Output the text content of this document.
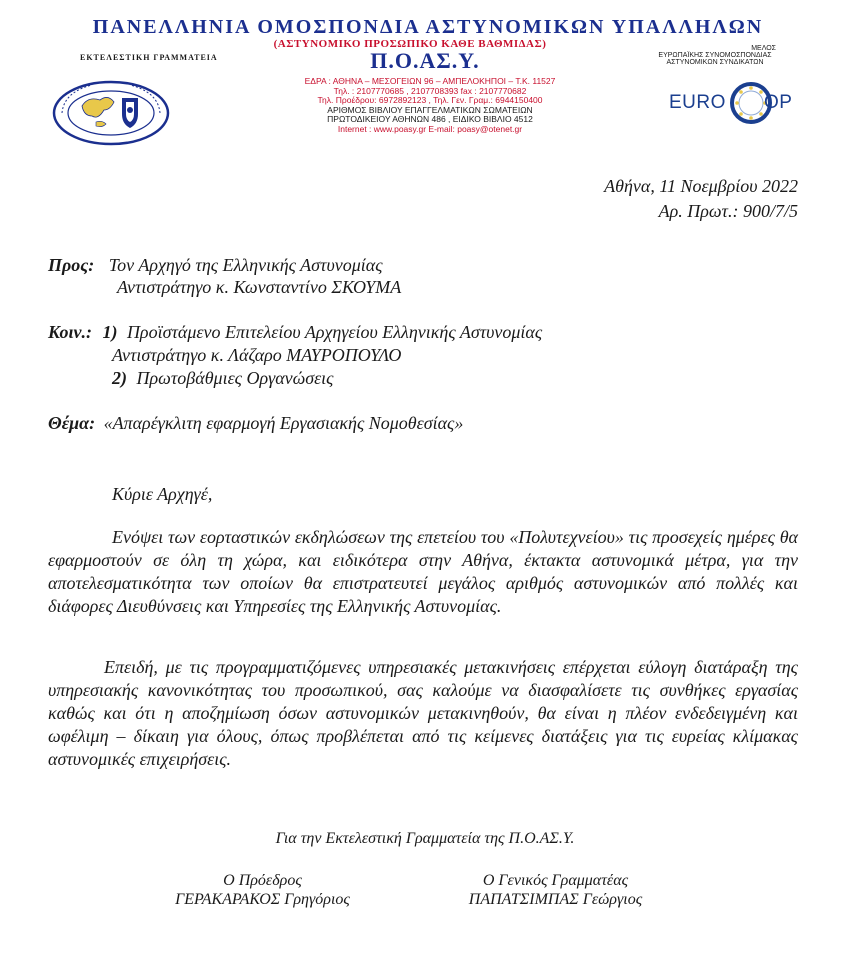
ΠΑΝΕΛΛΗΝΙΑ ΟΜΟΣΠΟΝΔΙΑ ΑΣΤΥΝΟΜΙΚΩΝ ΥΠΑΛΛΗΛΩΝ
(ΑΣΤΥΝΟΜΙΚΟ ΠΡΟΣΩΠΙΚΟ ΚΑΘΕ ΒΑΘΜΙΔΑΣ)
ΕΚΤΕΛΕΣΤΙΚΗ ΓΡΑΜΜΑΤΕΙΑ	Π.Ο.ΑΣ.Υ.	ΜΕΛΟΣ
ΕΥΡΩΠΑΪΚΗΣ ΣΥΝΟΜΟΣΠΟΝΔΙΑΣ
ΑΣΤΥΝΟΜΙΚΩΝ ΣΥΝΔΙΚΑΤΩΝ
ΕΔΡΑ : ΑΘΗΝΑ – ΜΕΣΟΓΕΙΩΝ 96 – ΑΜΠΕΛΟΚΗΠΟΙ – Τ.Κ. 11527
Τηλ. : 2107770685 , 2107708393 fax : 2107770682
Τηλ. Προέδρου: 6972892123 , Τηλ. Γεν. Γραμ.: 6944150400
ΑΡΙΘΜΟΣ ΒΙΒΛΙΟΥ ΕΠΑΓΓΕΛΜΑΤΙΚΩΝ ΣΩΜΑΤΕΙΩΝ
ΠΡΩΤΟΔΙΚΕΙΟΥ ΑΘΗΝΩΝ 486 , ΕΙΔΙΚΟ ΒΙΒΛΙΟ 4512
Internet : www.poasy.gr E-mail: poasy@otenet.gr
EURO OP
Αθήνα, 11 Νοεμβρίου 2022
Αρ. Πρωτ.: 900/7/5
Προς: Τον Αρχηγό της Ελληνικής Αστυνομίας
Αντιστράτηγο κ. Κωνσταντίνο ΣΚΟΥΜΑ
Κοιν.: 1) Προϊστάμενο Επιτελείου Αρχηγείου Ελληνικής Αστυνομίας
Αντιστράτηγο κ. Λάζαρο ΜΑΥΡΟΠΟΥΛΟ
2) Πρωτοβάθμιες Οργανώσεις
Θέμα: «Απαρέγκλιτη εφαρμογή Εργασιακής Νομοθεσίας»
Κύριε Αρχηγέ,
Ενόψει των εορταστικών εκδηλώσεων της επετείου του «Πολυτεχνείου» τις προσεχείς ημέρες θα εφαρμοστούν σε όλη τη χώρα, και ειδικότερα στην Αθήνα, έκτακτα αστυνομικά μέτρα, για την αποτελεσματικότητα των οποίων θα επιστρατευτεί μεγάλος αριθμός αστυνομικών από πολλές και διάφορες Διευθύνσεις και Υπηρεσίες της Ελληνικής Αστυνομίας.
Επειδή, με τις προγραμματιζόμενες υπηρεσιακές μετακινήσεις επέρχεται εύλογη διατάραξη της υπηρεσιακής κανονικότητας του προσωπικού, σας καλούμε να διασφαλίσετε τις συνθήκες εργασίας καθώς και ότι η αποζημίωση όσων αστυνομικών μετακινηθούν, θα είναι η πλέον ενδεδειγμένη και ωφέλιμη – δίκαιη για όλους, όπως προβλέπεται από τις κείμενες διατάξεις για τις ευρείας κλίμακας αστυνομικές επιχειρήσεις.
Για την Εκτελεστική Γραμματεία της Π.Ο.ΑΣ.Υ.
Ο Πρόεδρος
ΓΕΡΑΚΑΡΑΚΟΣ Γρηγόριος
Ο Γενικός Γραμματέας
ΠΑΠΑΤΣΙΜΠΑΣ Γεώργιος
